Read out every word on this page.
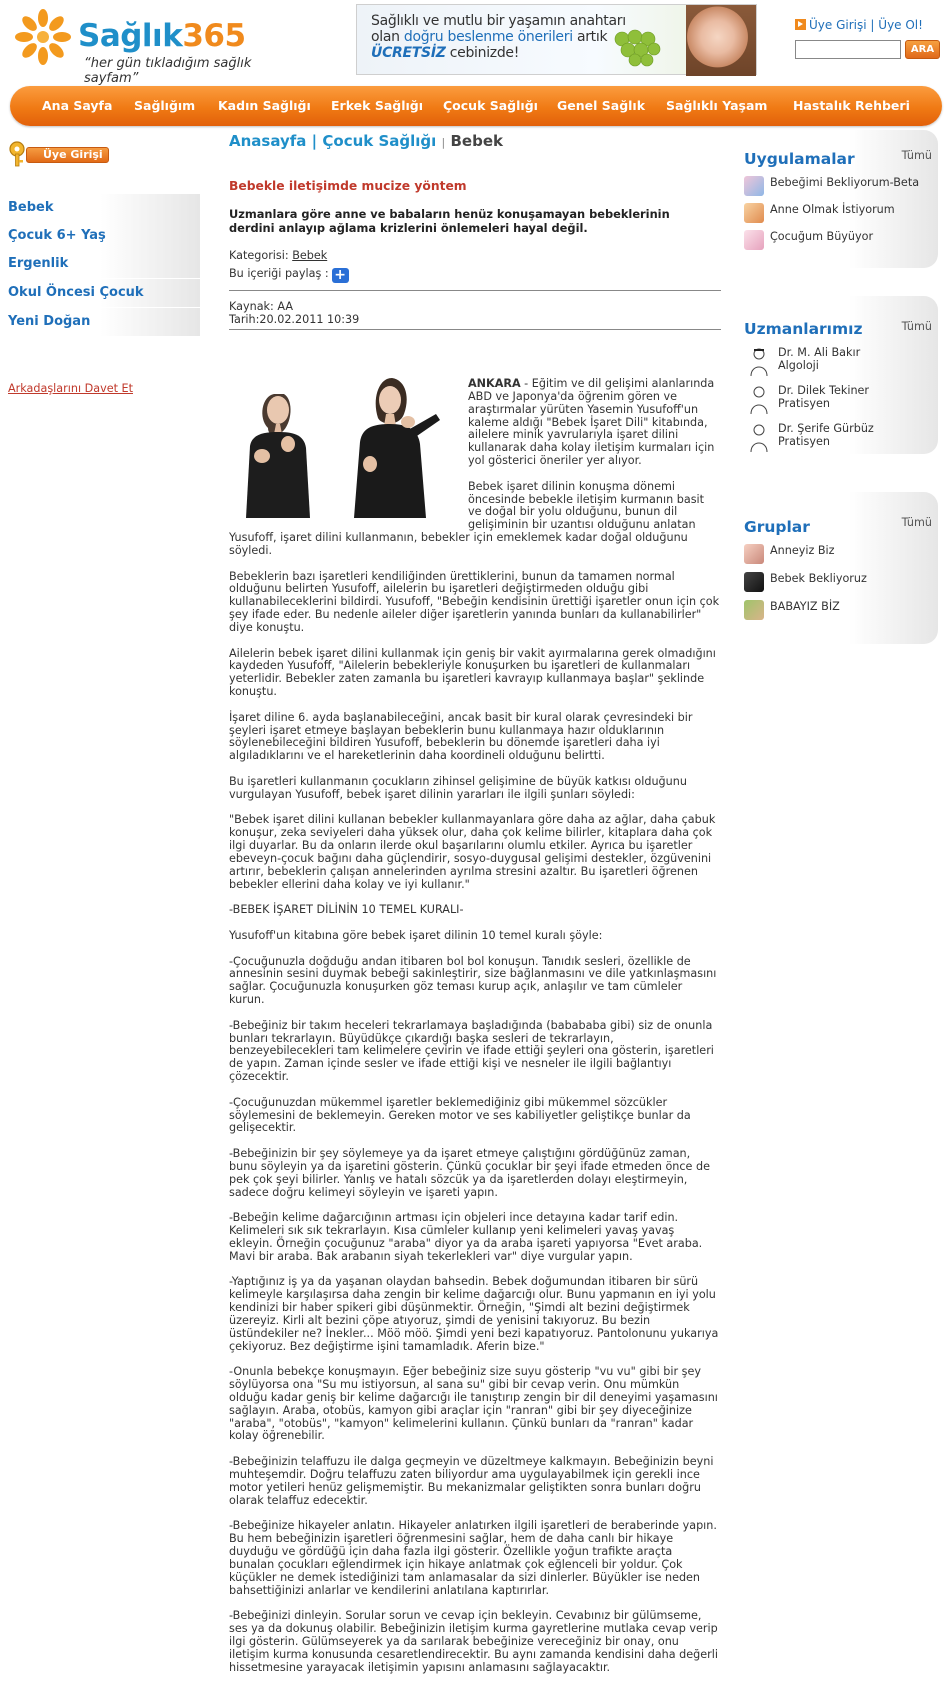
Sağlık365
“her gün tıkladığım sağlık sayfam”
Sağlıklı ve mutlu bir yaşamın anahtarı
olan doğru beslenme önerileri artık
ÜCRETSİZ cebinizde!
Üye Girişi | Üye Ol!
ARA
Ana Sayfa Sağlığım Kadın Sağlığı Erkek Sağlığı Çocuk Sağlığı Genel Sağlık Sağlıklı Yaşam Hastalık Rehberi
Üye Girişi
Bebek
Çocuk 6+ Yaş
Ergenlik
Okul Öncesi Çocuk
Yeni Doğan
Arkadaşlarını Davet Et
Anasayfa | Çocuk Sağlığı | Bebek
Bebekle iletişimde mucize yöntem
Uzmanlara göre anne ve babaların henüz konuşamayan bebeklerinin derdini anlayıp ağlama krizlerini önlemeleri hayal değil.
Kategorisi: Bebek
Bu içeriği paylaş : +
Kaynak: AA
Tarih:20.02.2011 10:39

ANKARA - Eğitim ve dil gelişimi alanlarında ABD ve Japonya'da öğrenim gören ve araştırmalar yürüten Yasemin Yusufoff'un kaleme aldığı "Bebek İşaret Dili" kitabında, ailelere minik yavrularıyla işaret dilini kullanarak daha kolay iletişim kurmaları için yol gösterici öneriler yer alıyor.

Bebek işaret dilinin konuşma dönemi öncesinde bebekle iletişim kurmanın basit ve doğal bir yolu olduğunu, bunun dil gelişiminin bir uzantısı olduğunu anlatan Yusufoff, işaret dilini kullanmanın, bebekler için emeklemek kadar doğal olduğunu söyledi.

Bebeklerin bazı işaretleri kendiliğinden ürettiklerini, bunun da tamamen normal olduğunu belirten Yusufoff, ailelerin bu işaretleri değiştirmeden olduğu gibi kullanabileceklerini bildirdi. Yusufoff, "Bebeğin kendisinin ürettiği işaretler onun için çok şey ifade eder. Bu nedenle aileler diğer işaretlerin yanında bunları da kullanabilirler" diye konuştu.

Ailelerin bebek işaret dilini kullanmak için geniş bir vakit ayırmalarına gerek olmadığını kaydeden Yusufoff, "Ailelerin bebekleriyle konuşurken bu işaretleri de kullanmaları yeterlidir. Bebekler zaten zamanla bu işaretleri kavrayıp kullanmaya başlar" şeklinde konuştu.

İşaret diline 6. ayda başlanabileceğini, ancak basit bir kural olarak çevresindeki bir şeyleri işaret etmeye başlayan bebeklerin bunu kullanmaya hazır olduklarının söylenebileceğini bildiren Yusufoff, bebeklerin bu dönemde işaretleri daha iyi algıladıklarını ve el hareketlerinin daha koordineli olduğunu belirtti.

Bu işaretleri kullanmanın çocukların zihinsel gelişimine de büyük katkısı olduğunu vurgulayan Yusufoff, bebek işaret dilinin yararları ile ilgili şunları söyledi:

"Bebek işaret dilini kullanan bebekler kullanmayanlara göre daha az ağlar, daha çabuk konuşur, zeka seviyeleri daha yüksek olur, daha çok kelime bilirler, kitaplara daha çok ilgi duyarlar. Bu da onların ilerde okul başarılarını olumlu etkiler. Ayrıca bu işaretler ebeveyn-çocuk bağını daha güçlendirir, sosyo-duygusal gelişimi destekler, özgüvenini artırır, bebeklerin çalışan annelerinden ayrılma stresini azaltır. Bu işaretleri öğrenen bebekler ellerini daha kolay ve iyi kullanır."

-BEBEK İŞARET DİLİNİN 10 TEMEL KURALI-

Yusufoff'un kitabına göre bebek işaret dilinin 10 temel kuralı şöyle:

-Çocuğunuzla doğduğu andan itibaren bol bol konuşun. Tanıdık sesleri, özellikle de annesinin sesini duymak bebeği sakinleştirir, size bağlanmasını ve dile yatkınlaşmasını sağlar. Çocuğunuzla konuşurken göz teması kurup açık, anlaşılır ve tam cümleler kurun.

-Bebeğiniz bir takım heceleri tekrarlamaya başladığında (babababa gibi) siz de onunla bunları tekrarlayın. Büyüdükçe çıkardığı başka sesleri de tekrarlayın, benzeyebilecekleri tam kelimelere çevirin ve ifade ettiği şeyleri ona gösterin, işaretleri de yapın. Zaman içinde sesler ve ifade ettiği kişi ve nesneler ile ilgili bağlantıyı çözecektir.

-Çocuğunuzdan mükemmel işaretler beklemediğiniz gibi mükemmel sözcükler söylemesini de beklemeyin. Gereken motor ve ses kabiliyetler geliştikçe bunlar da gelişecektir.

-Bebeğinizin bir şey söylemeye ya da işaret etmeye çalıştığını gördüğünüz zaman, bunu söyleyin ya da işaretini gösterin. Çünkü çocuklar bir şeyi ifade etmeden önce de pek çok şeyi bilirler. Yanlış ve hatalı sözcük ya da işaretlerden dolayı eleştirmeyin, sadece doğru kelimeyi söyleyin ve işareti yapın.

-Bebeğin kelime dağarcığının artması için objeleri ince detayına kadar tarif edin. Kelimeleri sık sık tekrarlayın. Kısa cümleler kullanıp yeni kelimeleri yavaş yavaş ekleyin. Örneğin çocuğunuz "araba" diyor ya da araba işareti yapıyorsa "Evet araba. Mavi bir araba. Bak arabanın siyah tekerlekleri var" diye vurgular yapın.

-Yaptığınız iş ya da yaşanan olaydan bahsedin. Bebek doğumundan itibaren bir sürü kelimeyle karşılaşırsa daha zengin bir kelime dağarcığı olur. Bunu yapmanın en iyi yolu kendinizi bir haber spikeri gibi düşünmektir. Örneğin, "Şimdi alt bezini değiştirmek üzereyiz. Kirli alt bezini çöpe atıyoruz, şimdi de yenisini takıyoruz. Bu bezin üstündekiler ne? İnekler... Möö möö. Şimdi yeni bezi kapatıyoruz. Pantolonunu yukarıya çekiyoruz. Bez değiştirme işini tamamladık. Aferin bize."

-Onunla bebekçe konuşmayın. Eğer bebeğiniz size suyu gösterip "vu vu" gibi bir şey söylüyorsa ona "Su mu istiyorsun, al sana su" gibi bir cevap verin. Onu mümkün olduğu kadar geniş bir kelime dağarcığı ile tanıştırıp zengin bir dil deneyimi yaşamasını sağlayın. Araba, otobüs, kamyon gibi araçlar için "ranran" gibi bir şey diyeceğinize "araba", "otobüs", "kamyon" kelimelerini kullanın. Çünkü bunları da "ranran" kadar kolay öğrenebilir.

-Bebeğinizin telaffuzu ile dalga geçmeyin ve düzeltmeye kalkmayın. Bebeğinizin beyni muhteşemdir. Doğru telaffuzu zaten biliyordur ama uygulayabilmek için gerekli ince motor yetileri henüz gelişmemiştir. Bu mekanizmalar geliştikten sonra bunları doğru olarak telaffuz edecektir.

-Bebeğinize hikayeler anlatın. Hikayeler anlatırken ilgili işaretleri de beraberinde yapın. Bu hem bebeğinizin işaretleri öğrenmesini sağlar, hem de daha canlı bir hikaye duyduğu ve gördüğü için daha fazla ilgi gösterir. Özellikle yoğun trafikte araçta bunalan çocukları eğlendirmek için hikaye anlatmak çok eğlenceli bir yoldur. Çok küçükler ne demek istediğinizi tam anlamasalar da sizi dinlerler. Büyükler ise neden bahsettiğinizi anlarlar ve kendilerini anlatılana kaptırırlar.

-Bebeğinizi dinleyin. Sorular sorun ve cevap için bekleyin. Cevabınız bir gülümseme, ses ya da dokunuş olabilir. Bebeğinizin iletişim kurma gayretlerine mutlaka cevap verip ilgi gösterin. Gülümseyerek ya da sarılarak bebeğinize vereceğiniz bir onay, onu iletişim kurma konusunda cesaretlendirecektir. Bu aynı zamanda kendisini daha değerli hissetmesine yarayacak iletişimin yapısını anlamasını sağlayacaktır.

Uygulamalar	Tümü
Bebeğimi Bekliyorum-Beta
Anne Olmak İstiyorum
Çocuğum Büyüyor
Uzmanlarımız	Tümü
Dr. M. Ali Bakır
Algoloji
Dr. Dilek Tekiner
Pratisyen
Dr. Şerife Gürbüz
Pratisyen
Gruplar	Tümü
Anneyiz Biz
Bebek Bekliyoruz
BABAYIZ BİZ
